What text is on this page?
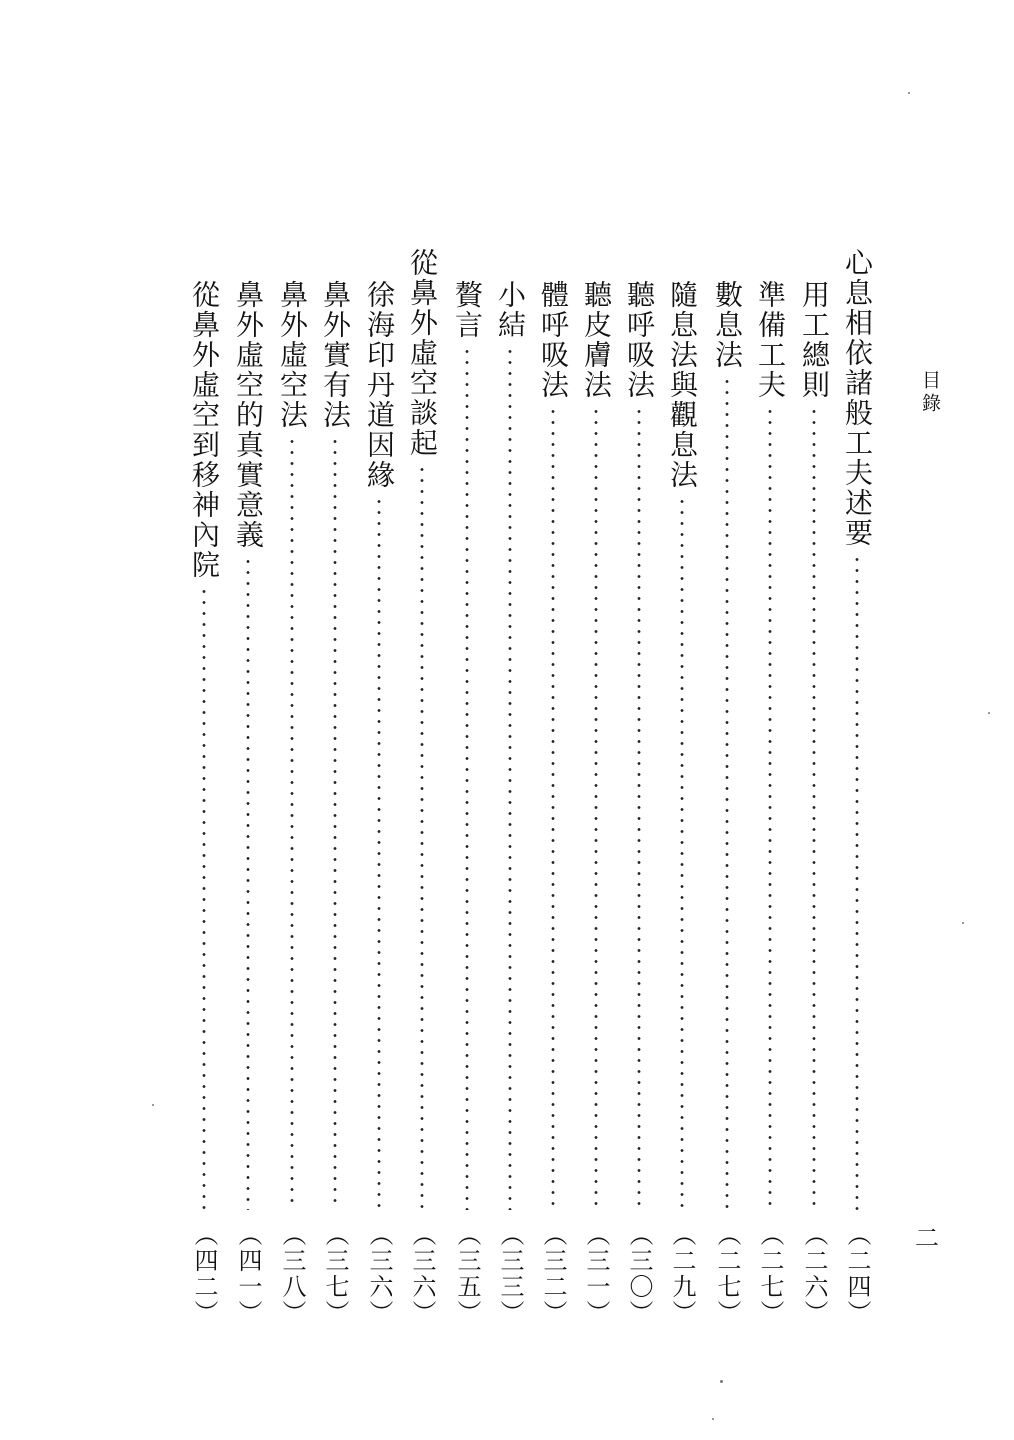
目錄
心息相依諸般工夫述要
（二四）
用工總則
（二六）
準備工夫
（二七）
數息法
（二七）
隨息法與觀息法
（二九）
聽呼吸法
（三〇）
聽皮膚法
（三一）
體呼吸法
（三二）
小結
（三三）
贅言
（三五）
從鼻外虛空談起
（三六）
徐海印丹道因緣
（三六）
鼻外實有法
（三七）
鼻外虛空法
（三八）
鼻外虛空的真實意義
（四一）
從鼻外虛空到移神內院
（四二）	二
